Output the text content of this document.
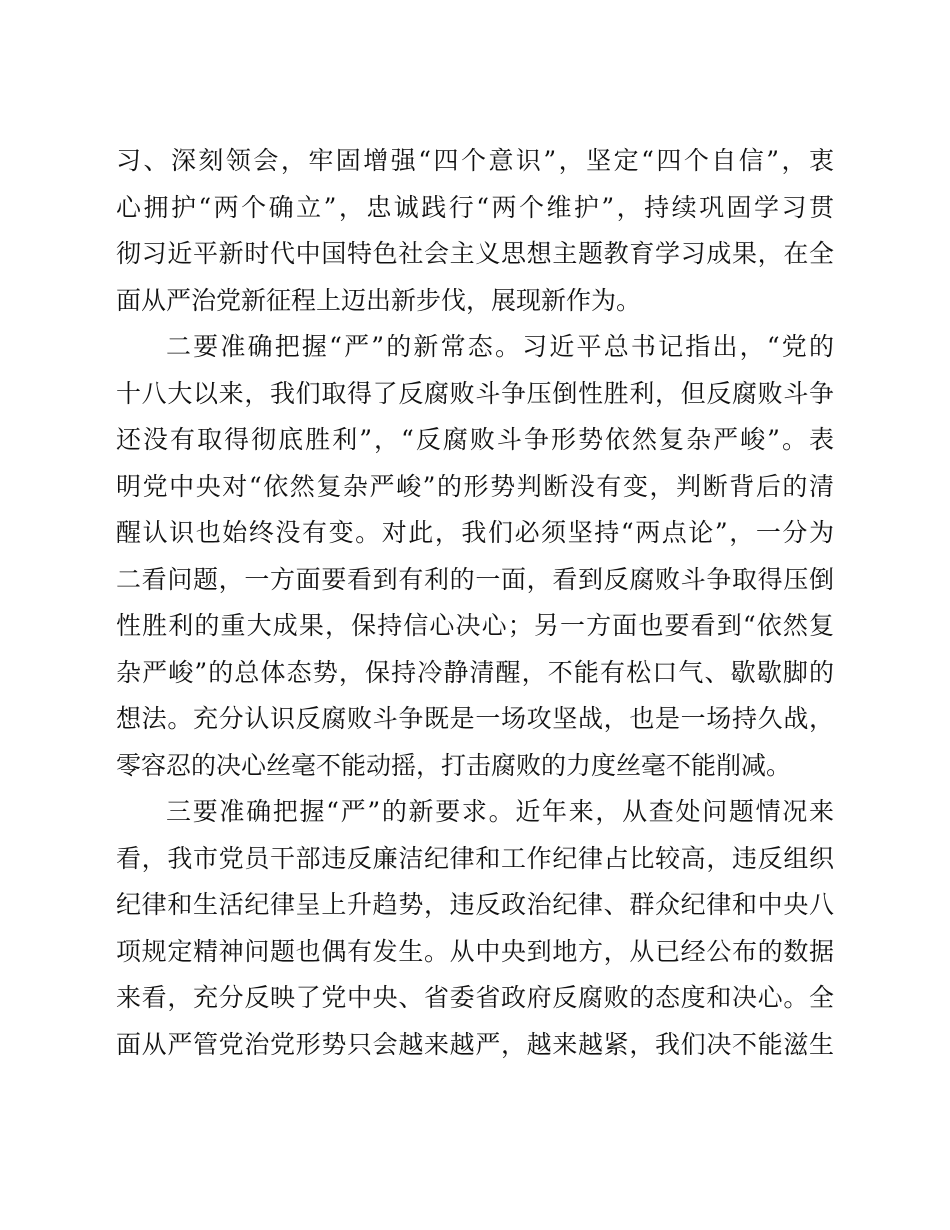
习、深刻领会，牢固增强“四个意识”，坚定“四个自信”，衷
心拥护“两个确立”，忠诚践行“两个维护”，持续巩固学习贯
彻习近平新时代中国特色社会主义思想主题教育学习成果，在全
面从严治党新征程上迈出新步伐，展现新作为。
二要准确把握“严”的新常态。习近平总书记指出，“党的
十八大以来，我们取得了反腐败斗争压倒性胜利，但反腐败斗争
还没有取得彻底胜利”，“反腐败斗争形势依然复杂严峻”。表
明党中央对“依然复杂严峻”的形势判断没有变，判断背后的清
醒认识也始终没有变。对此，我们必须坚持“两点论”，一分为
二看问题，一方面要看到有利的一面，看到反腐败斗争取得压倒
性胜利的重大成果，保持信心决心；另一方面也要看到“依然复
杂严峻”的总体态势，保持冷静清醒，不能有松口气、歇歇脚的
想法。充分认识反腐败斗争既是一场攻坚战，也是一场持久战，
零容忍的决心丝毫不能动摇，打击腐败的力度丝毫不能削减。
三要准确把握“严”的新要求。近年来，从查处问题情况来
看，我市党员干部违反廉洁纪律和工作纪律占比较高，违反组织
纪律和生活纪律呈上升趋势，违反政治纪律、群众纪律和中央八
项规定精神问题也偶有发生。从中央到地方，从已经公布的数据
来看，充分反映了党中央、省委省政府反腐败的态度和决心。全
面从严管党治党形势只会越来越严，越来越紧，我们决不能滋生
